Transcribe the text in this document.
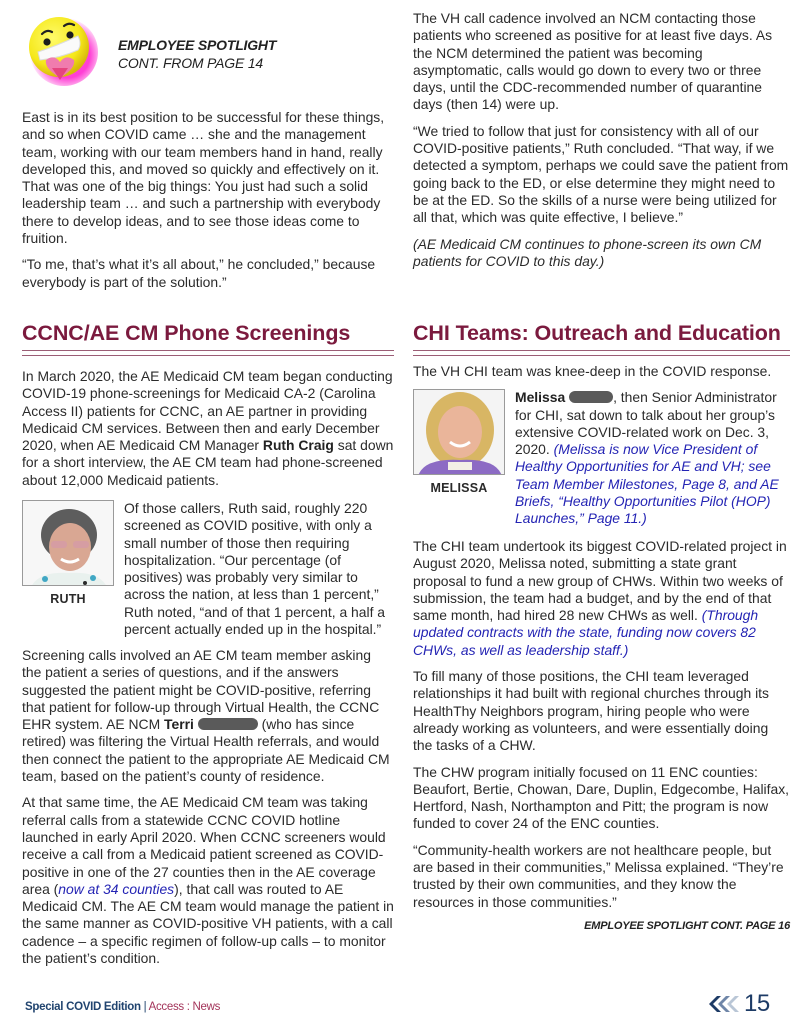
EMPLOYEE SPOTLIGHT
CONT. FROM PAGE 14

East is in its best position to be successful for these things, and so when COVID came … she and the management team, working with our team members hand in hand, really developed this, and moved so quickly and effectively on it. That was one of the big things: You just had such a solid leadership team … and such a partnership with everybody there to develop ideas, and to see those ideas come to fruition.

“To me, that’s what it’s all about,” he concluded,” because everybody is part of the solution.”

CCNC/AE CM Phone Screenings

In March 2020, the AE Medicaid CM team began conducting COVID-19 phone-screenings for Medicaid CA-2 (Carolina Access II) patients for CCNC, an AE partner in providing Medicaid CM services. Between then and early December 2020, when AE Medicaid CM Manager Ruth Craig sat down for a short interview, the AE CM team had phone-screened about 12,000 Medicaid patients.

RUTH

Of those callers, Ruth said, roughly 220 screened as COVID positive, with only a small number of those then requiring hospitalization. “Our percentage (of positives) was probably very similar to across the nation, at less than 1 percent,” Ruth noted, “and of that 1 percent, a half a percent actually ended up in the hospital.”

Screening calls involved an AE CM team member asking the patient a series of questions, and if the answers suggested the patient might be COVID-positive, referring that patient for follow-up through Virtual Health, the CCNC EHR system. AE NCM Terri	(who has since retired) was filtering the Virtual Health referrals, and would then connect the patient to the appropriate AE Medicaid CM team, based on the patient’s county of residence.

At that same time, the AE Medicaid CM team was taking referral calls from a statewide CCNC COVID hotline launched in early April 2020. When CCNC screeners would receive a call from a Medicaid patient screened as COVID-positive in one of the 27 counties then in the AE coverage area (now at 34 counties), that call was routed to AE Medicaid CM. The AE CM team would manage the patient in the same manner as COVID-positive VH patients, with a call cadence – a specific regimen of follow-up calls – to monitor the patient’s condition.

The VH call cadence involved an NCM contacting those patients who screened as positive for at least five days. As the NCM determined the patient was becoming asymptomatic, calls would go down to every two or three days, until the CDC-recommended number of quarantine days (then 14) were up.

“We tried to follow that just for consistency with all of our COVID-positive patients,” Ruth concluded. “That way, if we detected a symptom, perhaps we could save the patient from going back to the ED, or else determine they might need to be at the ED. So the skills of a nurse were being utilized for all that, which was quite effective, I believe.”

(AE Medicaid CM continues to phone-screen its own CM patients for COVID to this day.)

CHI Teams: Outreach and Education

The VH CHI team was knee-deep in the COVID response.

MELISSA

Melissa	, then Senior Administrator for CHI, sat down to talk about her group’s extensive COVID-related work on Dec. 3, 2020. (Melissa is now Vice President of Healthy Opportunities for AE and VH; see Team Member Milestones, Page 8, and AE Briefs, “Healthy Opportunities Pilot (HOP) Launches,” Page 11.)

The CHI team undertook its biggest COVID-related project in August 2020, Melissa noted, submitting a state grant proposal to fund a new group of CHWs. Within two weeks of submission, the team had a budget, and by the end of that same month, had hired 28 new CHWs as well. (Through updated contracts with the state, funding now covers 82 CHWs, as well as leadership staff.)

To fill many of those positions, the CHI team leveraged relationships it had built with regional churches through its HealthThy Neighbors program, hiring people who were already working as volunteers, and were essentially doing the tasks of a CHW.

The CHW program initially focused on 11 ENC counties: Beaufort, Bertie, Chowan, Dare, Duplin, Edgecombe, Halifax, Hertford, Nash, Northampton and Pitt; the program is now funded to cover 24 of the ENC counties.

“Community-health workers are not healthcare people, but are based in their communities,” Melissa explained. “They’re trusted by their own communities, and they know the resources in those communities.”

EMPLOYEE SPOTLIGHT CONT. PAGE 16
Special COVID Edition | Access : News	15
